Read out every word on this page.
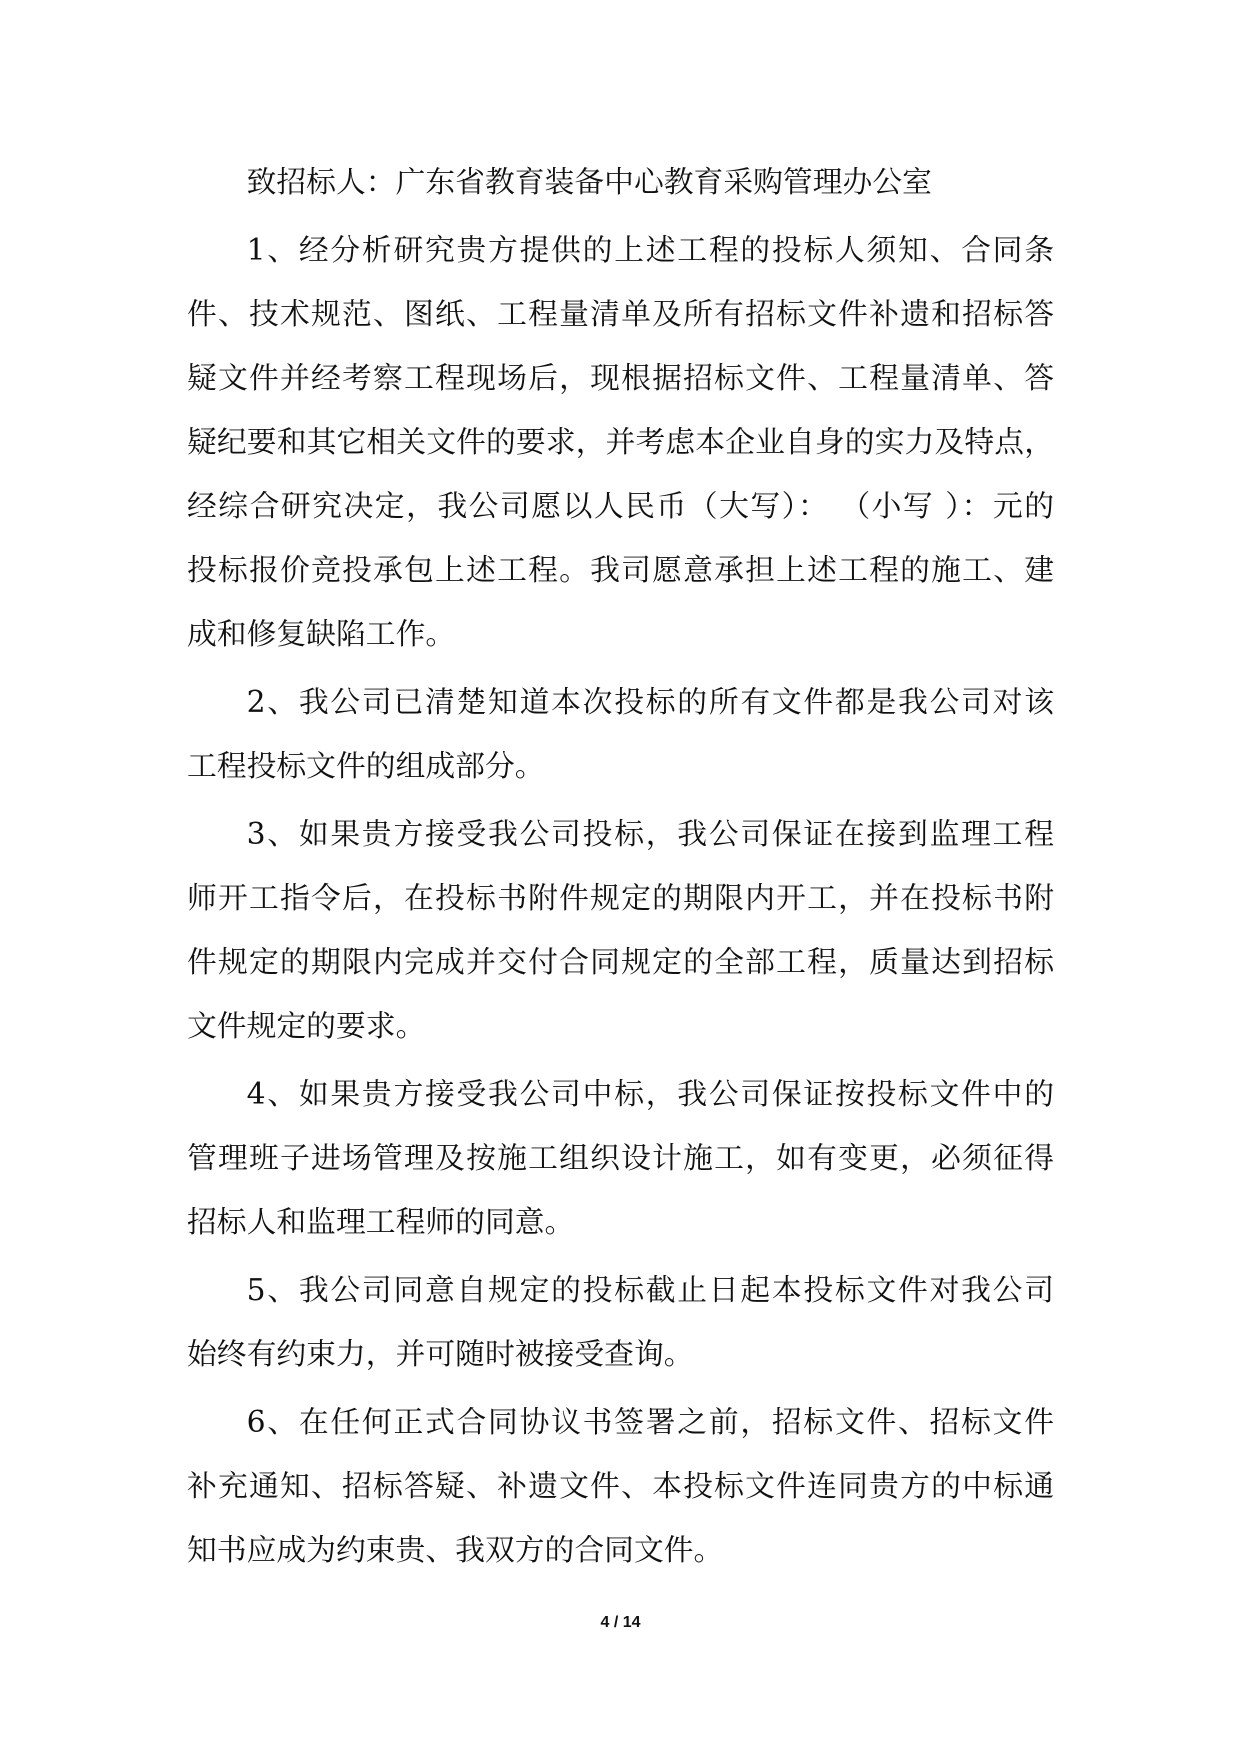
致招标人：广东省教育装备中心教育采购管理办公室
1、经分析研究贵方提供的上述工程的投标人须知、合同条
件、技术规范、图纸、工程量清单及所有招标文件补遗和招标答
疑文件并经考察工程现场后，现根据招标文件、工程量清单、答
疑纪要和其它相关文件的要求，并考虑本企业自身的实力及特点，
经综合研究决定，我公司愿以人民币（大写）： （小写 ）：元的
投标报价竞投承包上述工程。我司愿意承担上述工程的施工、建
成和修复缺陷工作。
2、我公司已清楚知道本次投标的所有文件都是我公司对该
工程投标文件的组成部分。
3、如果贵方接受我公司投标，我公司保证在接到监理工程
师开工指令后，在投标书附件规定的期限内开工，并在投标书附
件规定的期限内完成并交付合同规定的全部工程，质量达到招标
文件规定的要求。
4、如果贵方接受我公司中标，我公司保证按投标文件中的
管理班子进场管理及按施工组织设计施工，如有变更，必须征得
招标人和监理工程师的同意。
5、我公司同意自规定的投标截止日起本投标文件对我公司
始终有约束力，并可随时被接受查询。
6、在任何正式合同协议书签署之前，招标文件、招标文件
补充通知、招标答疑、补遗文件、本投标文件连同贵方的中标通
知书应成为约束贵、我双方的合同文件。
4 / 14
